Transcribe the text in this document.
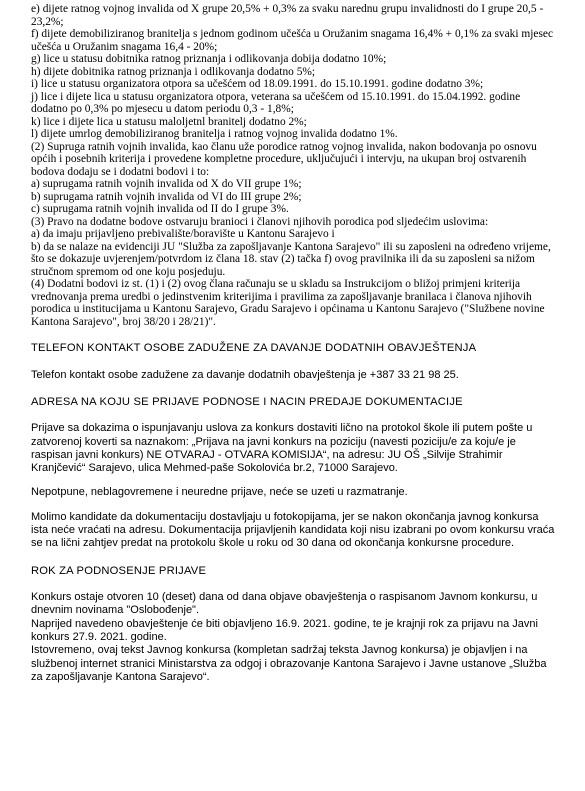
e) dijete ratnog vojnog invalida od X grupe 20,5% + 0,3% za svaku narednu grupu invalidnosti do I grupe 20,5 - 23,2%;

f) dijete demobiliziranog branitelja s jednom godinom učešća u Oružanim snagama 16,4% + 0,1% za svaki mjesec učešća u Oružanim snagama 16,4 - 20%;

g) lice u statusu dobitnika ratnog priznanja i odlikovanja dobija dodatno 10%;

h) dijete dobitnika ratnog priznanja i odlikovanja dodatno 5%;

i) lice u statusu organizatora otpora sa učešćem od 18.09.1991. do 15.10.1991. godine dodatno 3%;

j) lice i dijete lica u statusu organizatora otpora, veterana sa učešćem od 15.10.1991. do 15.04.1992. godine dodatno po 0,3% po mjesecu u datom periodu 0,3 - 1,8%;

k) lice i dijete lica u statusu maloljetnl branitelj dodatno 2%;

l) dijete umrlog demobiliziranog branitelja i ratnog vojnog invalida dodatno 1%.

(2) Supruga ratnih vojnih invalida, kao članu uže porodice ratnog vojnog invalida, nakon bodovanja po osnovu općih i posebnih kriterija i provedene kompletne procedure, uključujući i intervju, na ukupan broj ostvarenih bodova dodaju se i dodatni bodovi i to:

a) suprugama ratnih vojnih invalida od X do VII grupe 1%;

b) suprugama ratnih vojnih invalida od VI do III grupe 2%;

c) suprugama ratnih vojnih invalida od II do I grupe 3%.

(3) Pravo na dodatne bodove ostvaruju branioci i članovi njihovih porodica pod sljedećim uslovima:

a) da imaju prijavljeno prebivalište/boravište u Kantonu Sarajevo i

b) da se nalaze na evidenciji JU "Služba za zapošljavanje Kantona Sarajevo" ili su zaposleni na određeno vrijeme, što se dokazuje uvjerenjem/potvrdom iz člana 18. stav (2) tačka f) ovog pravilnika ili da su zaposleni sa nižom stručnom spremom od one koju posjeduju.

(4) Dodatni bodovi iz st. (1) i (2) ovog člana računaju se u skladu sa Instrukcijom o bližoj primjeni kriterija vrednovanja prema uredbi o jedinstvenim kriterijima i pravilima za zapošljavanje branilaca i članova njihovih porodica u institucijama u Kantonu Sarajevo, Gradu Sarajevo i općinama u Kantonu Sarajevo ("Službene novine Kantona Sarajevo", broj 38/20 i 28/21)".

TELEFON KONTAKT OSOBE ZADUŽENE ZA DAVANJE DODATNIH OBAVJEŠTENJA

Telefon kontakt osobe zadužene za davanje dodatnih obavještenja je +387 33 21 98 25.

ADRESA NA KOJU SE PRIJAVE PODNOSE I NACIN PREDAJE DOKUMENTACIJE

Prijave sa dokazima o ispunjavanju uslova za konkurs dostaviti lično na protokol škole ili putem pošte u zatvorenoj koverti sa naznakom: „Prijava na javni konkurs na poziciju (navesti poziciju/e za koju/e je raspisan javni konkurs) NE OTVARAJ - OTVARA KOMISIJA“, na adresu: JU OŠ „Silvije Strahimir Kranjčević“ Sarajevo, ulica Mehmed-paše Sokolovića br.2, 71000 Sarajevo.

Nepotpune, neblagovremene i neuredne prijave, neće se uzeti u razmatranje.

Molimo kandidate da dokumentaciju dostavljaju u fotokopijama, jer se nakon okončanja javnog konkursa ista neće vraćati na adresu. Dokumentacija prijavljenih kandidata koji nisu izabrani po ovom konkursu vraća se na lični zahtjev predat na protokolu škole u roku od 30 dana od okončanja konkursne procedure.

ROK ZA PODNOSENJE PRIJAVE

Konkurs ostaje otvoren 10 (deset) dana od dana objave obavještenja o raspisanom Javnom konkursu, u dnevnim novinama "Oslobođenje".

Naprijed navedeno obavještenje će biti objavljeno 16.9. 2021. godine, te je krajnji rok za prijavu na Javni konkurs 27.9. 2021. godine.

Istovremeno, ovaj tekst Javnog konkursa (kompletan sadržaj teksta Javnog konkursa) je objavljen i na službenoj internet stranici Ministarstva za odgoj i obrazovanje Kantona Sarajevo i Javne ustanove „Služba za zapošljavanje Kantona Sarajevo“.
